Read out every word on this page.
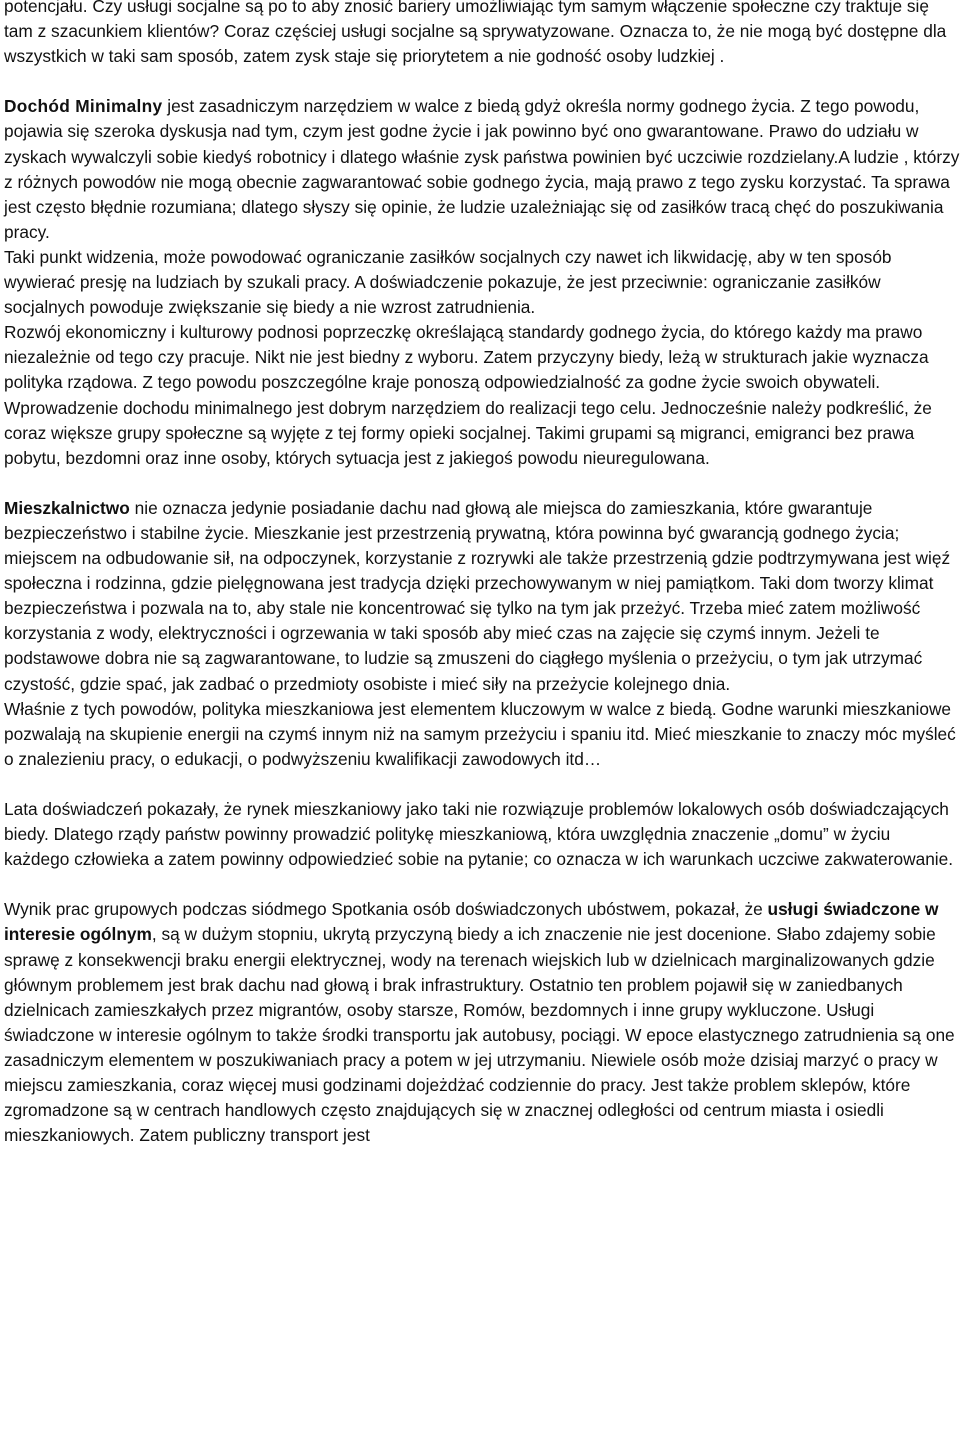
potencjału. Czy usługi socjalne są po to aby znosić bariery umożliwiając tym samym włączenie społeczne czy traktuje się tam z szacunkiem klientów? Coraz częściej usługi socjalne są sprywatyzowane. Oznacza to, że nie mogą być dostępne dla wszystkich w taki sam sposób, zatem zysk staje się priorytetem a nie godność osoby ludzkiej .

Dochód Minimalny jest zasadniczym narzędziem w walce z biedą gdyż określa normy godnego życia. Z tego powodu, pojawia się szeroka dyskusja nad tym, czym jest godne życie i jak powinno być ono gwarantowane. Prawo do udziału w zyskach wywalczyli sobie kiedyś robotnicy i dlatego właśnie zysk państwa powinien być uczciwie rozdzielany.A ludzie , którzy z różnych powodów nie mogą obecnie zagwarantować sobie godnego życia, mają prawo z tego zysku korzystać. Ta sprawa jest często błędnie rozumiana; dlatego słyszy się opinie, że ludzie uzależniając się od zasiłków tracą chęć do poszukiwania pracy.

Taki punkt widzenia, może powodować ograniczanie zasiłków socjalnych czy nawet ich likwidację, aby w ten sposób wywierać presję na ludziach by szukali pracy. A doświadczenie pokazuje, że jest przeciwnie: ograniczanie zasiłków socjalnych powoduje zwiększanie się biedy a nie wzrost zatrudnienia.

Rozwój ekonomiczny i kulturowy podnosi poprzeczkę określającą standardy godnego życia, do którego każdy ma prawo niezależnie od tego czy pracuje. Nikt nie jest biedny z wyboru. Zatem przyczyny biedy, leżą w strukturach jakie wyznacza polityka rządowa. Z tego powodu poszczególne kraje ponoszą odpowiedzialność za godne życie swoich obywateli. Wprowadzenie dochodu minimalnego jest dobrym narzędziem do realizacji tego celu. Jednocześnie należy podkreślić, że coraz większe grupy społeczne są wyjęte z tej formy opieki socjalnej. Takimi grupami są migranci, emigranci bez prawa pobytu, bezdomni oraz inne osoby, których sytuacja jest z jakiegoś powodu nieuregulowana.

Mieszkalnictwo nie oznacza jedynie posiadanie dachu nad głową ale miejsca do zamieszkania, które gwarantuje bezpieczeństwo i stabilne życie. Mieszkanie jest przestrzenią prywatną, która powinna być gwarancją godnego życia; miejscem na odbudowanie sił, na odpoczynek, korzystanie z rozrywki ale także przestrzenią gdzie podtrzymywana jest więź społeczna i rodzinna, gdzie pielęgnowana jest tradycja dzięki przechowywanym w niej pamiątkom. Taki dom tworzy klimat bezpieczeństwa i pozwala na to, aby stale nie koncentrować się tylko na tym jak przeżyć. Trzeba mieć zatem możliwość korzystania z wody, elektryczności i ogrzewania w taki sposób aby mieć czas na zajęcie się czymś innym. Jeżeli te podstawowe dobra nie są zagwarantowane, to ludzie są zmuszeni do ciągłego myślenia o przeżyciu, o tym jak utrzymać czystość, gdzie spać, jak zadbać o przedmioty osobiste i mieć siły na przeżycie kolejnego dnia.

Właśnie z tych powodów, polityka mieszkaniowa jest elementem kluczowym w walce z biedą. Godne warunki mieszkaniowe pozwalają na skupienie energii na czymś innym niż na samym przeżyciu i spaniu itd. Mieć mieszkanie to znaczy móc myśleć o znalezieniu pracy, o edukacji, o podwyższeniu kwalifikacji zawodowych itd…

Lata doświadczeń pokazały, że rynek mieszkaniowy jako taki nie rozwiązuje problemów lokalowych osób doświadczających biedy. Dlatego rządy państw powinny prowadzić politykę mieszkaniową, która uwzględnia znaczenie „domu” w życiu każdego człowieka a zatem powinny odpowiedzieć sobie na pytanie; co oznacza w ich warunkach uczciwe zakwaterowanie.

Wynik prac grupowych podczas siódmego Spotkania osób doświadczonych ubóstwem, pokazał, że usługi świadczone w interesie ogólnym, są w dużym stopniu, ukrytą przyczyną biedy a ich znaczenie nie jest docenione. Słabo zdajemy sobie sprawę z konsekwencji braku energii elektrycznej, wody na terenach wiejskich lub w dzielnicach marginalizowanych gdzie głównym problemem jest brak dachu nad głową i brak infrastruktury. Ostatnio ten problem pojawił się w zaniedbanych dzielnicach zamieszkałych przez migrantów, osoby starsze, Romów, bezdomnych i inne grupy wykluczone. Usługi świadczone w interesie ogólnym to także środki transportu jak autobusy, pociągi. W epoce elastycznego zatrudnienia są one zasadniczym elementem w poszukiwaniach pracy a potem w jej utrzymaniu. Niewiele osób może dzisiaj marzyć o pracy w miejscu zamieszkania, coraz więcej musi godzinami dojeżdżać codziennie do pracy. Jest także problem sklepów, które zgromadzone są w centrach handlowych często znajdujących się w znacznej odległości od centrum miasta i osiedli mieszkaniowych. Zatem publiczny transport jest
